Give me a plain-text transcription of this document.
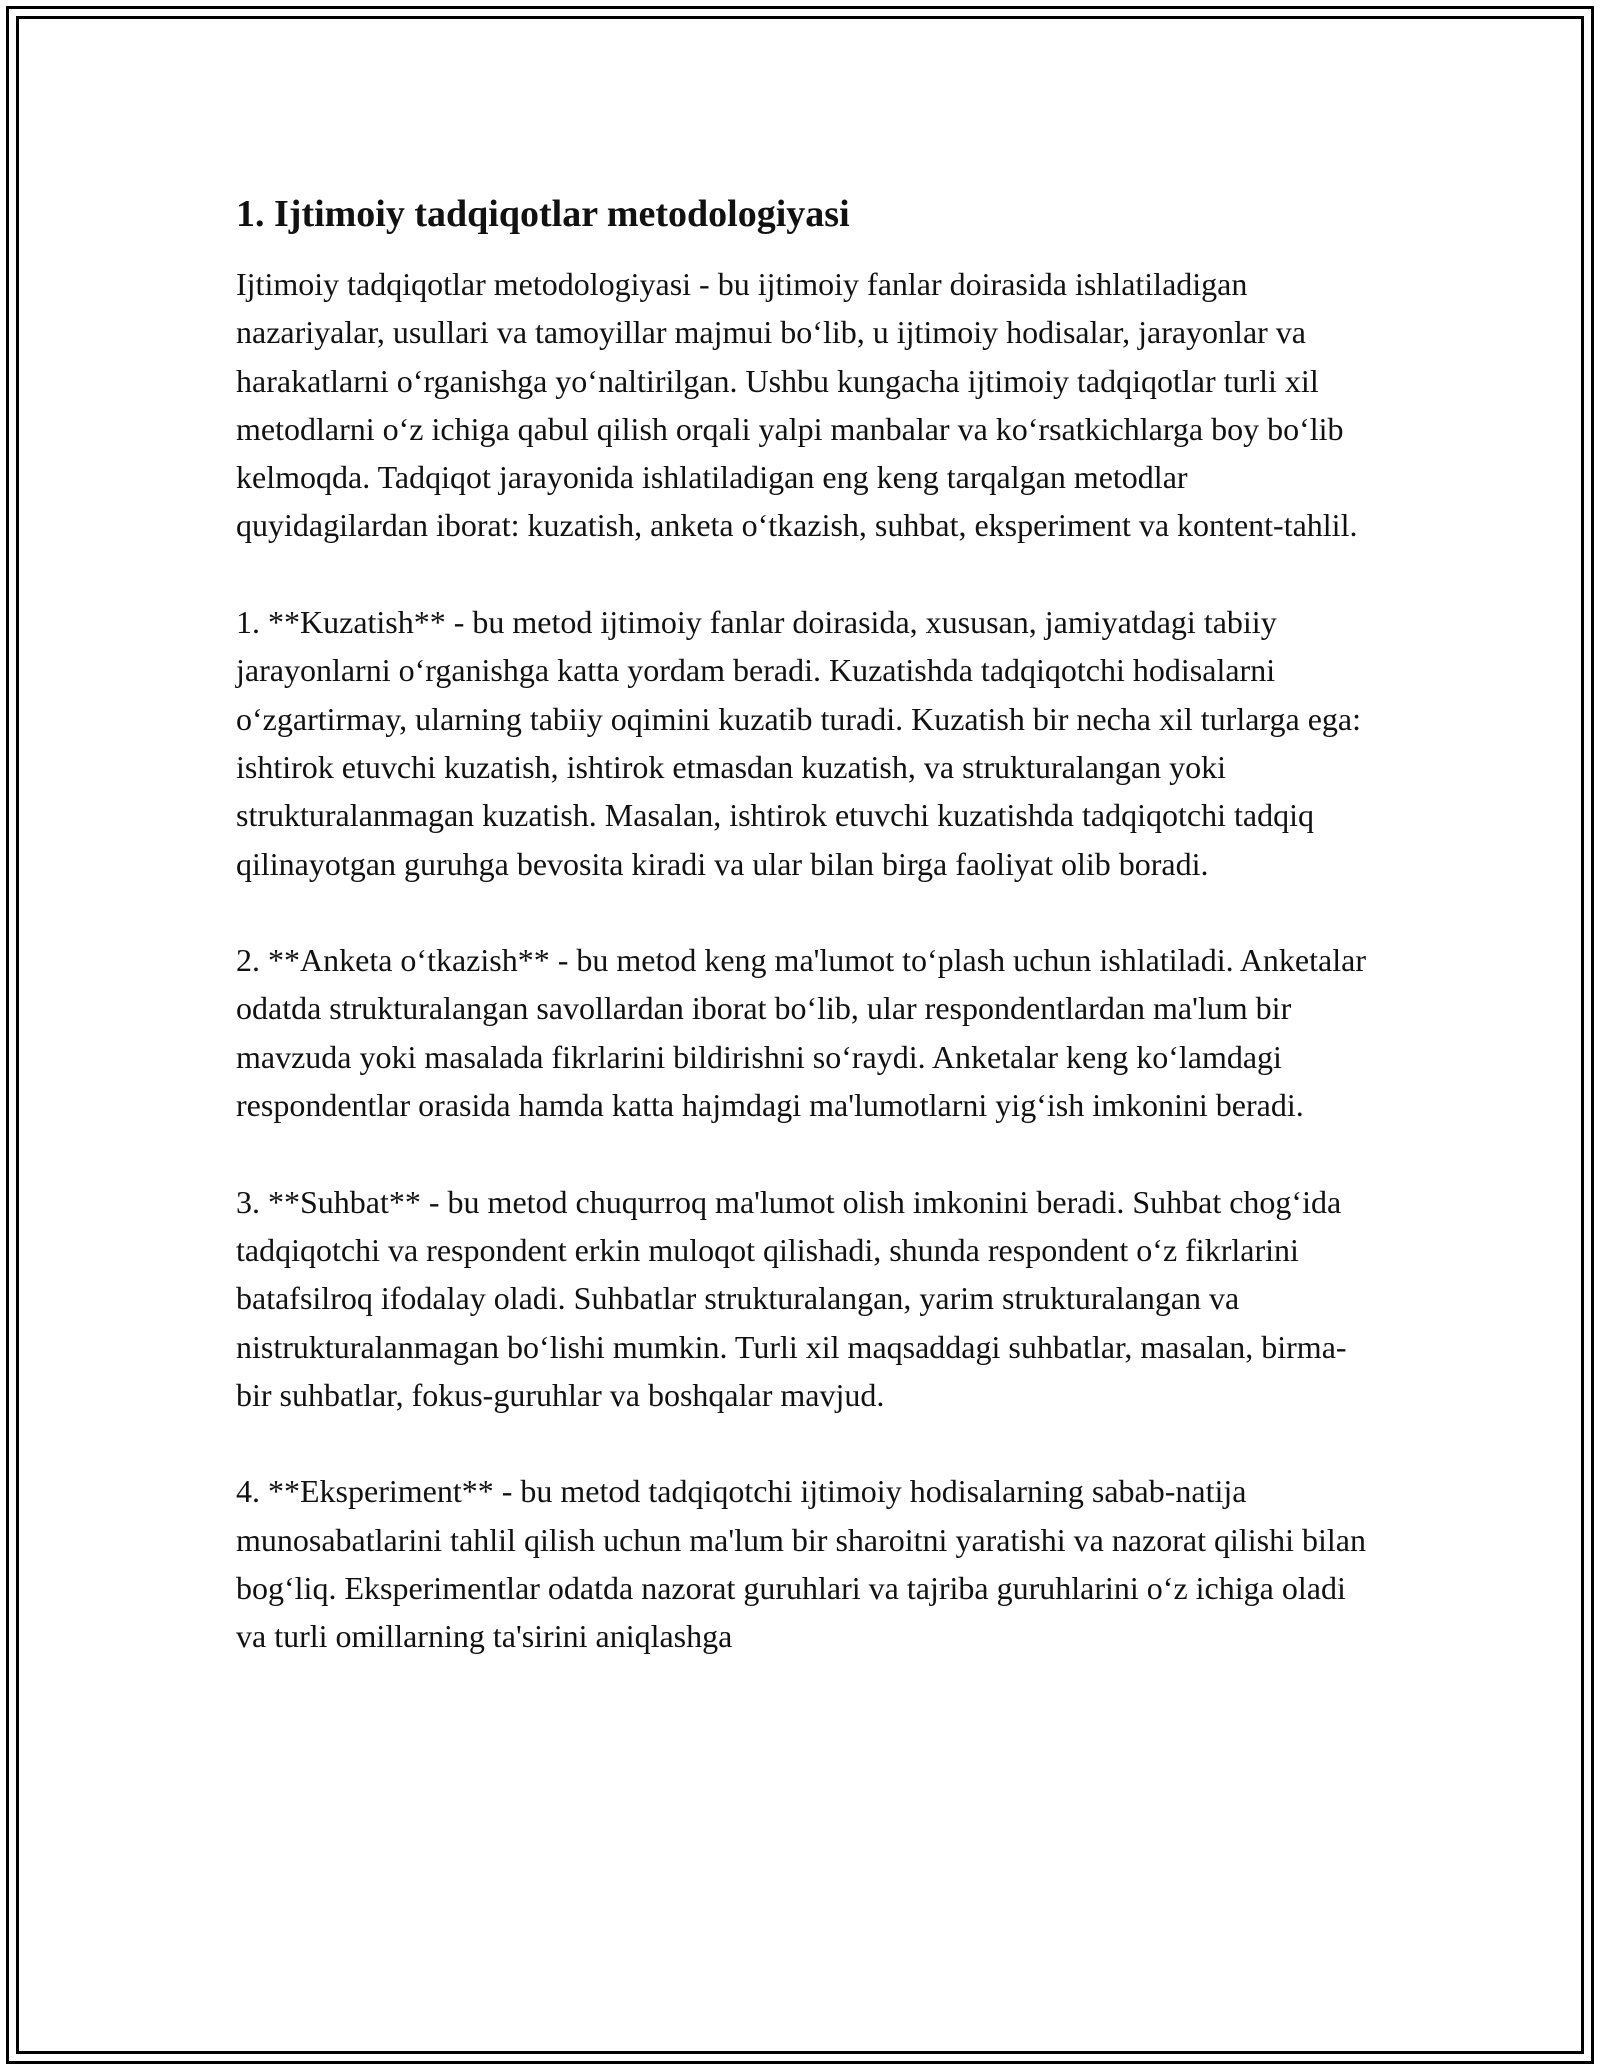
1. Ijtimoiy tadqiqotlar metodologiyasi

Ijtimoiy tadqiqotlar metodologiyasi - bu ijtimoiy fanlar doirasida ishlatiladigan nazariyalar, usullari va tamoyillar majmui bo‘lib, u ijtimoiy hodisalar, jarayonlar va harakatlarni o‘rganishga yo‘naltirilgan. Ushbu kungacha ijtimoiy tadqiqotlar turli xil metodlarni o‘z ichiga qabul qilish orqali yalpi manbalar va ko‘rsatkichlarga boy bo‘lib kelmoqda. Tadqiqot jarayonida ishlatiladigan eng keng tarqalgan metodlar quyidagilardan iborat: kuzatish, anketa o‘tkazish, suhbat, eksperiment va kontent-tahlil.

1. **Kuzatish** - bu metod ijtimoiy fanlar doirasida, xususan, jamiyatdagi tabiiy jarayonlarni o‘rganishga katta yordam beradi. Kuzatishda tadqiqotchi hodisalarni o‘zgartirmay, ularning tabiiy oqimini kuzatib turadi. Kuzatish bir necha xil turlarga ega: ishtirok etuvchi kuzatish, ishtirok etmasdan kuzatish, va strukturalangan yoki strukturalanmagan kuzatish. Masalan, ishtirok etuvchi kuzatishda tadqiqotchi tadqiq qilinayotgan guruhga bevosita kiradi va ular bilan birga faoliyat olib boradi.

2. **Anketa o‘tkazish** - bu metod keng ma'lumot to‘plash uchun ishlatiladi. Anketalar odatda strukturalangan savollardan iborat bo‘lib, ular respondentlardan ma'lum bir mavzuda yoki masalada fikrlarini bildirishni so‘raydi. Anketalar keng ko‘lamdagi respondentlar orasida hamda katta hajmdagi ma'lumotlarni yig‘ish imkonini beradi.

3. **Suhbat** - bu metod chuqurroq ma'lumot olish imkonini beradi. Suhbat chog‘ida tadqiqotchi va respondent erkin muloqot qilishadi, shunda respondent o‘z fikrlarini batafsilroq ifodalay oladi. Suhbatlar strukturalangan, yarim strukturalangan va nistrukturalanmagan bo‘lishi mumkin. Turli xil maqsaddagi suhbatlar, masalan, birma-bir suhbatlar, fokus-guruhlar va boshqalar mavjud.

4. **Eksperiment** - bu metod tadqiqotchi ijtimoiy hodisalarning sabab-natija munosabatlarini tahlil qilish uchun ma'lum bir sharoitni yaratishi va nazorat qilishi bilan bog‘liq. Eksperimentlar odatda nazorat guruhlari va tajriba guruhlarini o‘z ichiga oladi va turli omillarning ta'sirini aniqlashga
